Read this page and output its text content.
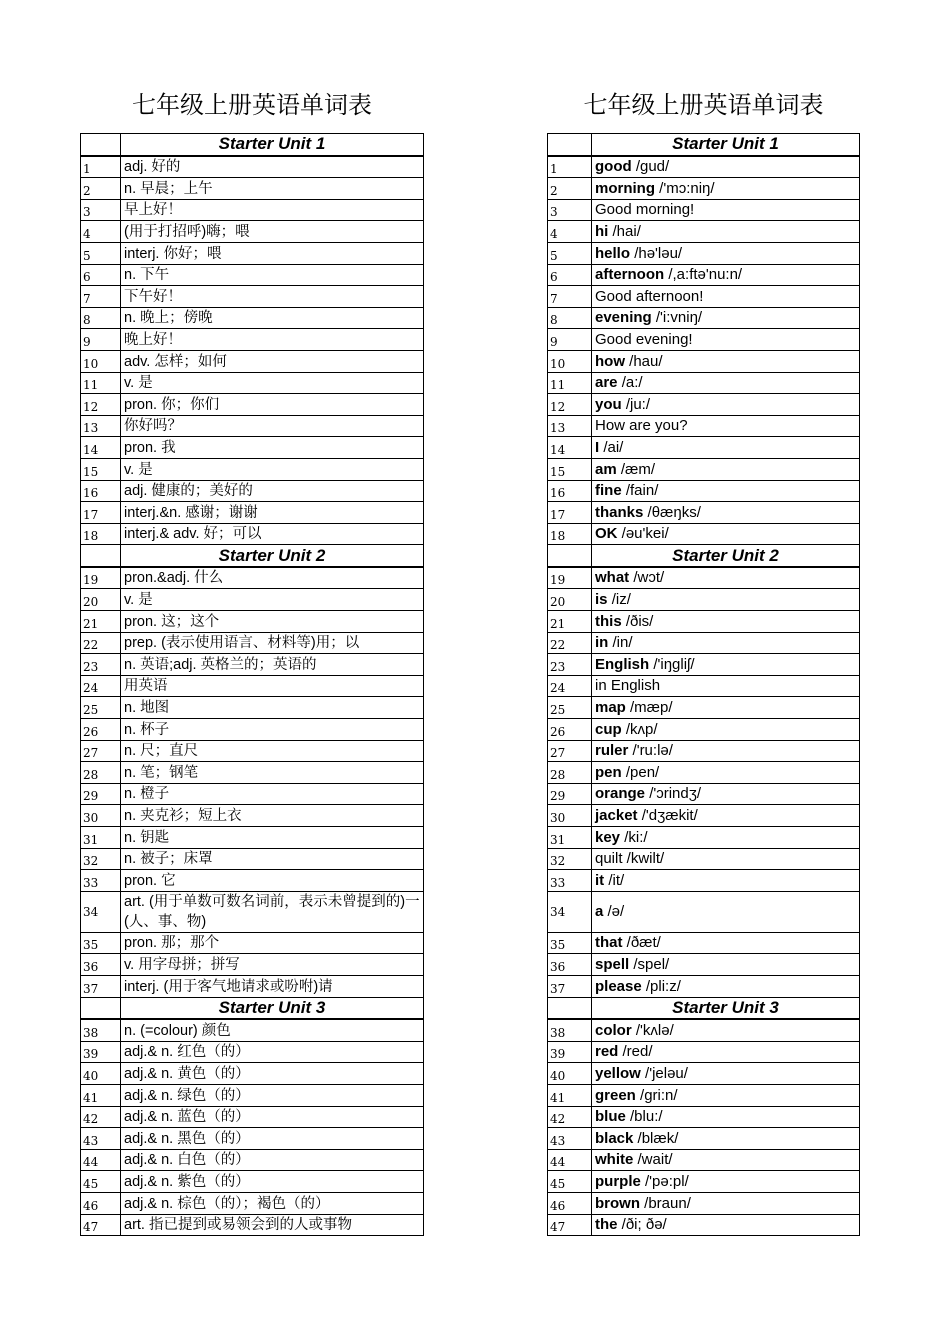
七年级上册英语单词表
	Starter Unit 1
1	adj. 好的
2	n. 早晨；上午
3	早上好！
4	(用于打招呼)嗨；喂
5	interj. 你好；喂
6	n. 下午
7	下午好！
8	n. 晚上；傍晚
9	晚上好！
10	adv. 怎样；如何
11	v. 是
12	pron. 你；你们
13	你好吗？
14	pron. 我
15	v. 是
16	adj. 健康的；美好的
17	interj.&n. 感谢；谢谢
18	interj.& adv. 好；可以
	Starter Unit 2
19	pron.&adj. 什么
20	v. 是
21	pron. 这；这个
22	prep. (表示使用语言、材料等)用；以
23	n. 英语;adj. 英格兰的；英语的
24	用英语
25	n. 地图
26	n. 杯子
27	n. 尺；直尺
28	n. 笔；钢笔
29	n. 橙子
30	n. 夹克衫；短上衣
31	n. 钥匙
32	n. 被子；床罩
33	pron. 它
34	art. (用于单数可数名词前，表示未曾提到的)一(人、事、物)
35	pron. 那；那个
36	v. 用字母拼；拼写
37	interj. (用于客气地请求或吩咐)请
	Starter Unit 3
38	n. (=colour) 颜色
39	adj.& n. 红色（的）
40	adj.& n. 黄色（的）
41	adj.& n. 绿色（的）
42	adj.& n. 蓝色（的）
43	adj.& n. 黑色（的）
44	adj.& n. 白色（的）
45	adj.& n. 紫色（的）
46	adj.& n. 棕色（的）；褐色（的）
47	art. 指已提到或易领会到的人或事物
七年级上册英语单词表
	Starter Unit 1
1	good /gud/
2	morning /'mɔ:niŋ/
3	Good morning!
4	hi /hai/
5	hello /hə'ləu/
6	afternoon /,a:ftə'nu:n/
7	Good afternoon!
8	evening /'i:vniŋ/
9	Good evening!
10	how /hau/
11	are /a:/
12	you /ju:/
13	How are you?
14	I /ai/
15	am /æm/
16	fine /fain/
17	thanks /θæŋks/
18	OK /əu'kei/
	Starter Unit 2
19	what /wɔt/
20	is /iz/
21	this /ðis/
22	in /in/
23	English /'iŋgliʃ/
24	in English
25	map /mæp/
26	cup /kʌp/
27	ruler /'ru:lə/
28	pen /pen/
29	orange /'ɔrindʒ/
30	jacket /'dʒækit/
31	key /ki:/
32	quilt /kwilt/
33	it /it/
34	a /ə/
35	that /ðæt/
36	spell /spel/
37	please /pli:z/
	Starter Unit 3
38	color /'kʌlə/
39	red /red/
40	yellow /'jeləu/
41	green /gri:n/
42	blue /blu:/
43	black /blæk/
44	white /wait/
45	purple /'pə:pl/
46	brown /braun/
47	the /ði; ðə/
